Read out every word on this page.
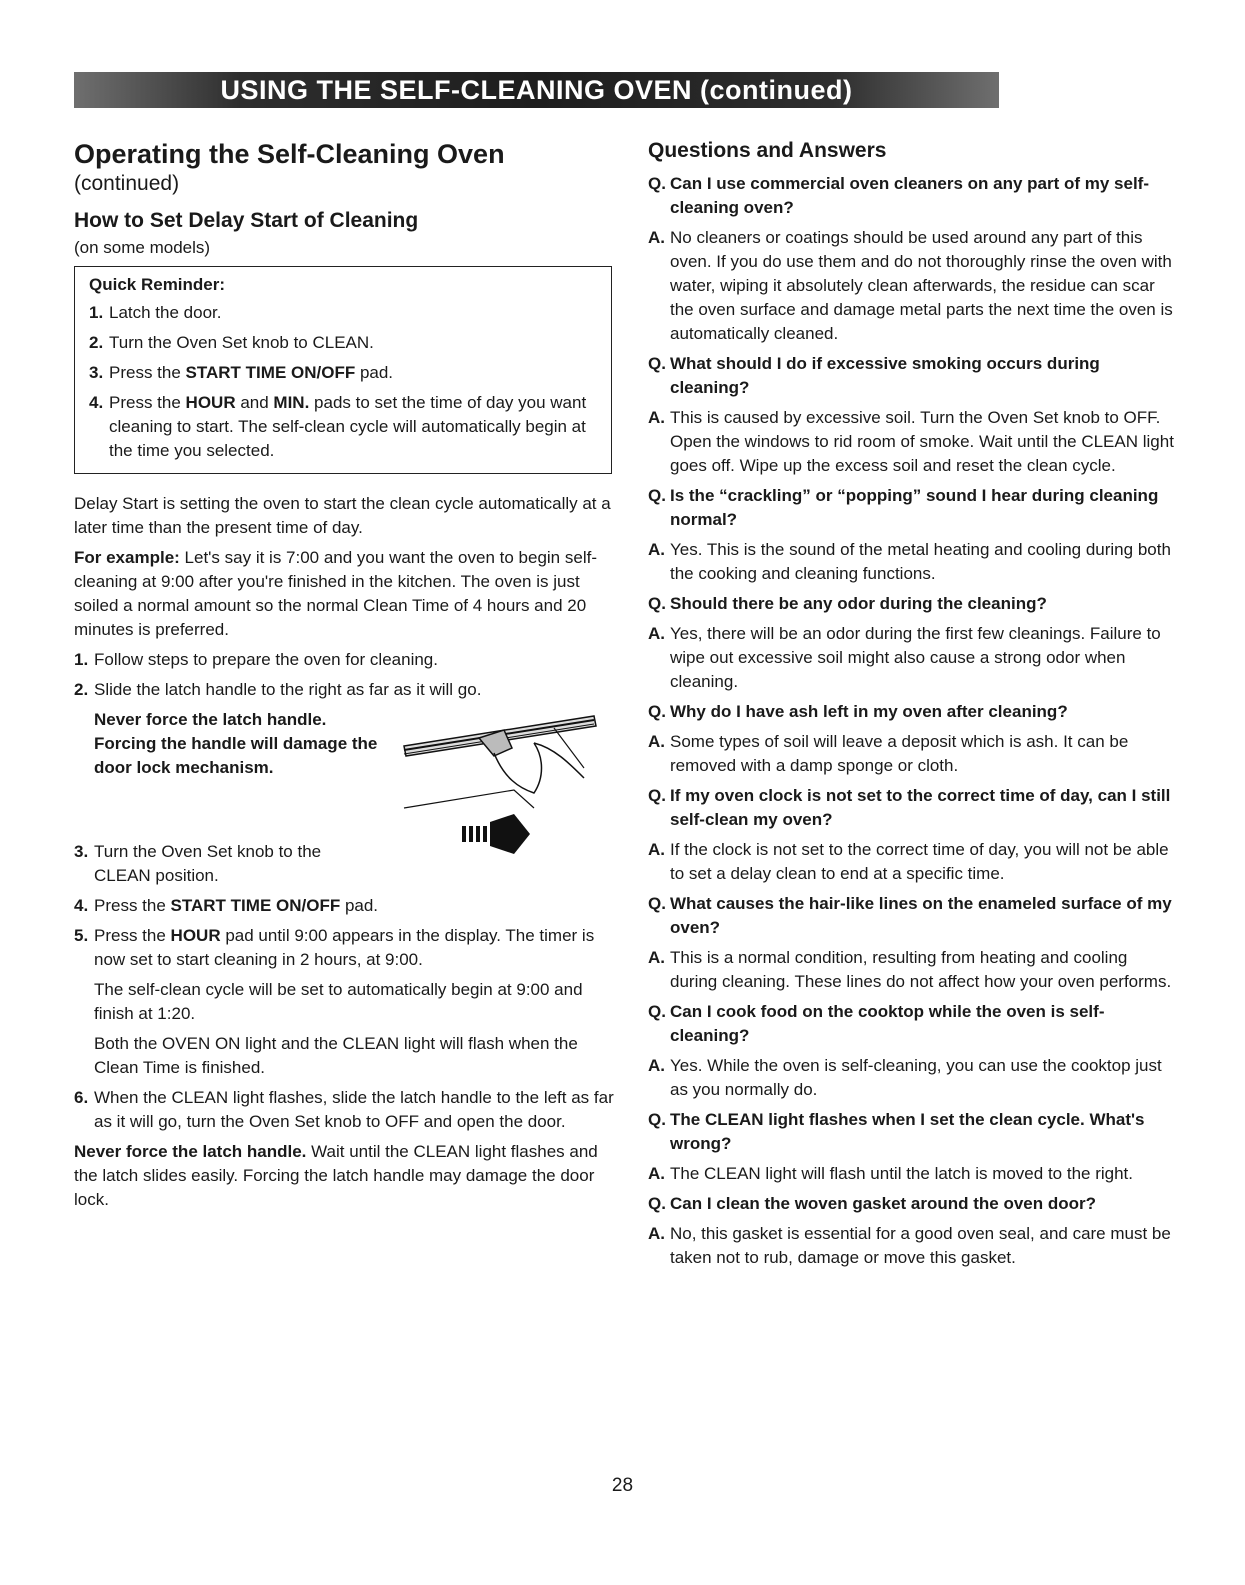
USING THE SELF-CLEANING OVEN (continued)
Operating the Self-Cleaning Oven
(continued)
How to Set Delay Start of Cleaning
(on some models)
Quick Reminder:
1. Latch the door.
2. Turn the Oven Set knob to CLEAN.
3. Press the START TIME ON/OFF pad.
4. Press the HOUR and MIN. pads to set the time of day you want cleaning to start. The self-clean cycle will automatically begin at the time you selected.

Delay Start is setting the oven to start the clean cycle automatically at a later time than the present time of day.

For example: Let's say it is 7:00 and you want the oven to begin self-cleaning at 9:00 after you're finished in the kitchen. The oven is just soiled a normal amount so the normal Clean Time of 4 hours and 20 minutes is preferred.

1. Follow steps to prepare the oven for cleaning.
2. Slide the latch handle to the right as far as it will go.
Never force the latch handle. Forcing the handle will damage the door lock mechanism.
3. Turn the Oven Set knob to the CLEAN position.
4. Press the START TIME ON/OFF pad.
5. Press the HOUR pad until 9:00 appears in the display. The timer is now set to start cleaning in 2 hours, at 9:00.

The self-clean cycle will be set to automatically begin at 9:00 and finish at 1:20.

Both the OVEN ON light and the CLEAN light will flash when the Clean Time is finished.

6. When the CLEAN light flashes, slide the latch handle to the left as far as it will go, turn the Oven Set knob to OFF and open the door.

Never force the latch handle. Wait until the CLEAN light flashes and the latch slides easily. Forcing the latch handle may damage the door lock.

Questions and Answers
Q. Can I use commercial oven cleaners on any part of my self-cleaning oven?
A. No cleaners or coatings should be used around any part of this oven. If you do use them and do not thoroughly rinse the oven with water, wiping it absolutely clean afterwards, the residue can scar the oven surface and damage metal parts the next time the oven is automatically cleaned.
Q. What should I do if excessive smoking occurs during cleaning?
A. This is caused by excessive soil. Turn the Oven Set knob to OFF. Open the windows to rid room of smoke. Wait until the CLEAN light goes off. Wipe up the excess soil and reset the clean cycle.
Q. Is the “crackling” or “popping” sound I hear during cleaning normal?
A. Yes. This is the sound of the metal heating and cooling during both the cooking and cleaning functions.
Q. Should there be any odor during the cleaning?
A. Yes, there will be an odor during the first few cleanings. Failure to wipe out excessive soil might also cause a strong odor when cleaning.
Q. Why do I have ash left in my oven after cleaning?
A. Some types of soil will leave a deposit which is ash. It can be removed with a damp sponge or cloth.
Q. If my oven clock is not set to the correct time of day, can I still self-clean my oven?
A. If the clock is not set to the correct time of day, you will not be able to set a delay clean to end at a specific time.
Q. What causes the hair-like lines on the enameled surface of my oven?
A. This is a normal condition, resulting from heating and cooling during cleaning. These lines do not affect how your oven performs.
Q. Can I cook food on the cooktop while the oven is self-cleaning?
A. Yes. While the oven is self-cleaning, you can use the cooktop just as you normally do.
Q. The CLEAN light flashes when I set the clean cycle. What's wrong?
A. The CLEAN light will flash until the latch is moved to the right.
Q. Can I clean the woven gasket around the oven door?
A. No, this gasket is essential for a good oven seal, and care must be taken not to rub, damage or move this gasket.
28
